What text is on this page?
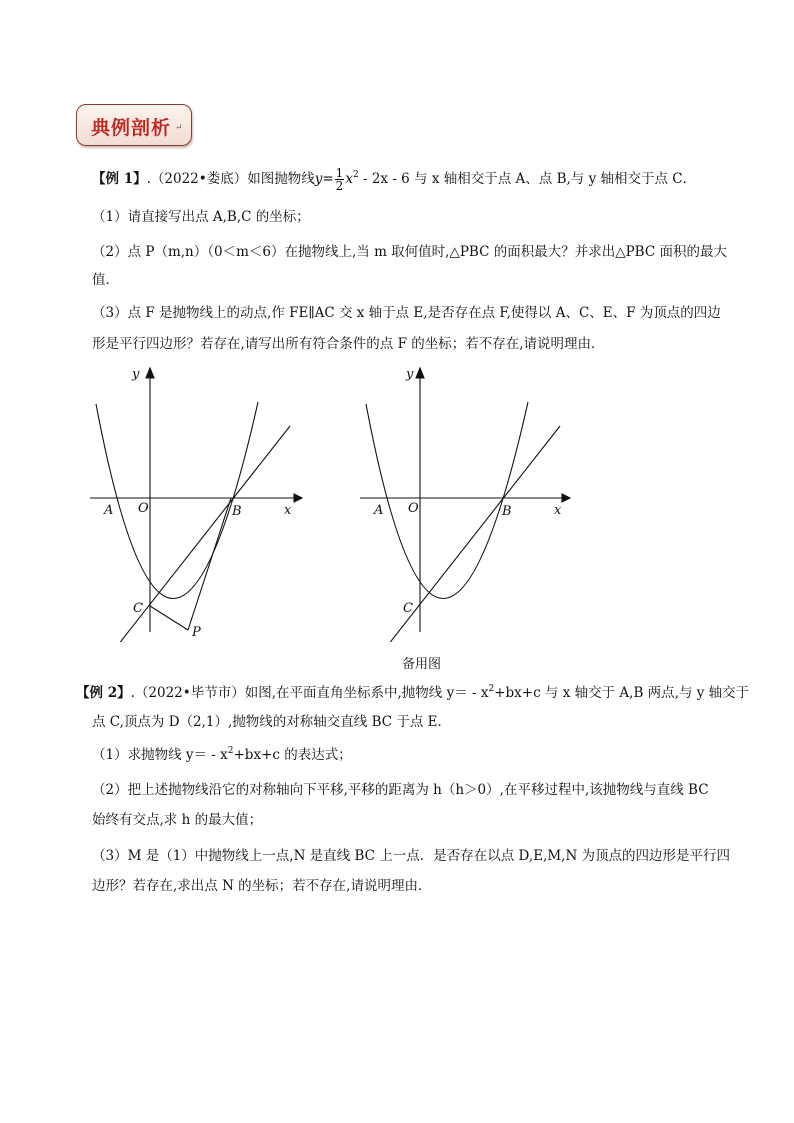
典例剖析 ↵
【例 1】.（2022•娄底）如图抛物线$y= \frac{1}{2} x^2 - 2x - 6$ 与 x 轴相交于点 A、点 B,与 y 轴相交于点 C．
（1）请直接写出点 A,B,C 的坐标；
（2）点 P（m,n）（0＜m＜6）在抛物线上,当 m 取何值时,△PBC 的面积最大？并求出△PBC 面积的最大
值．
（3）点 F 是抛物线上的动点,作 FE∥AC 交 x 轴于点 E,是否存在点 F,使得以 A、C、E、F 为顶点的四边
形是平行四边形？若存在,请写出所有符合条件的点 F 的坐标；若不存在,请说明理由．
y
x
O
A	B
C
P
y
x
O
A	B
C
备用图
【例 2】.（2022•毕节市）如图,在平面直角坐标系中,抛物线 $y= - x^2+bx+c$ 与 x 轴交于 A,B 两点,与 y 轴交于
点 C,顶点为 D（2,1）,抛物线的对称轴交直线 BC 于点 E．
（1）求抛物线 $y= - x^2+bx+c$ 的表达式；
（2）把上述抛物线沿它的对称轴向下平移,平移的距离为 h（h＞0）,在平移过程中,该抛物线与直线 BC
始终有交点,求 h 的最大值；
（3）M 是（1）中抛物线上一点,N 是直线 BC 上一点．是否存在以点 D,E,M,N 为顶点的四边形是平行四
边形？若存在,求出点 N 的坐标；若不存在,请说明理由．
